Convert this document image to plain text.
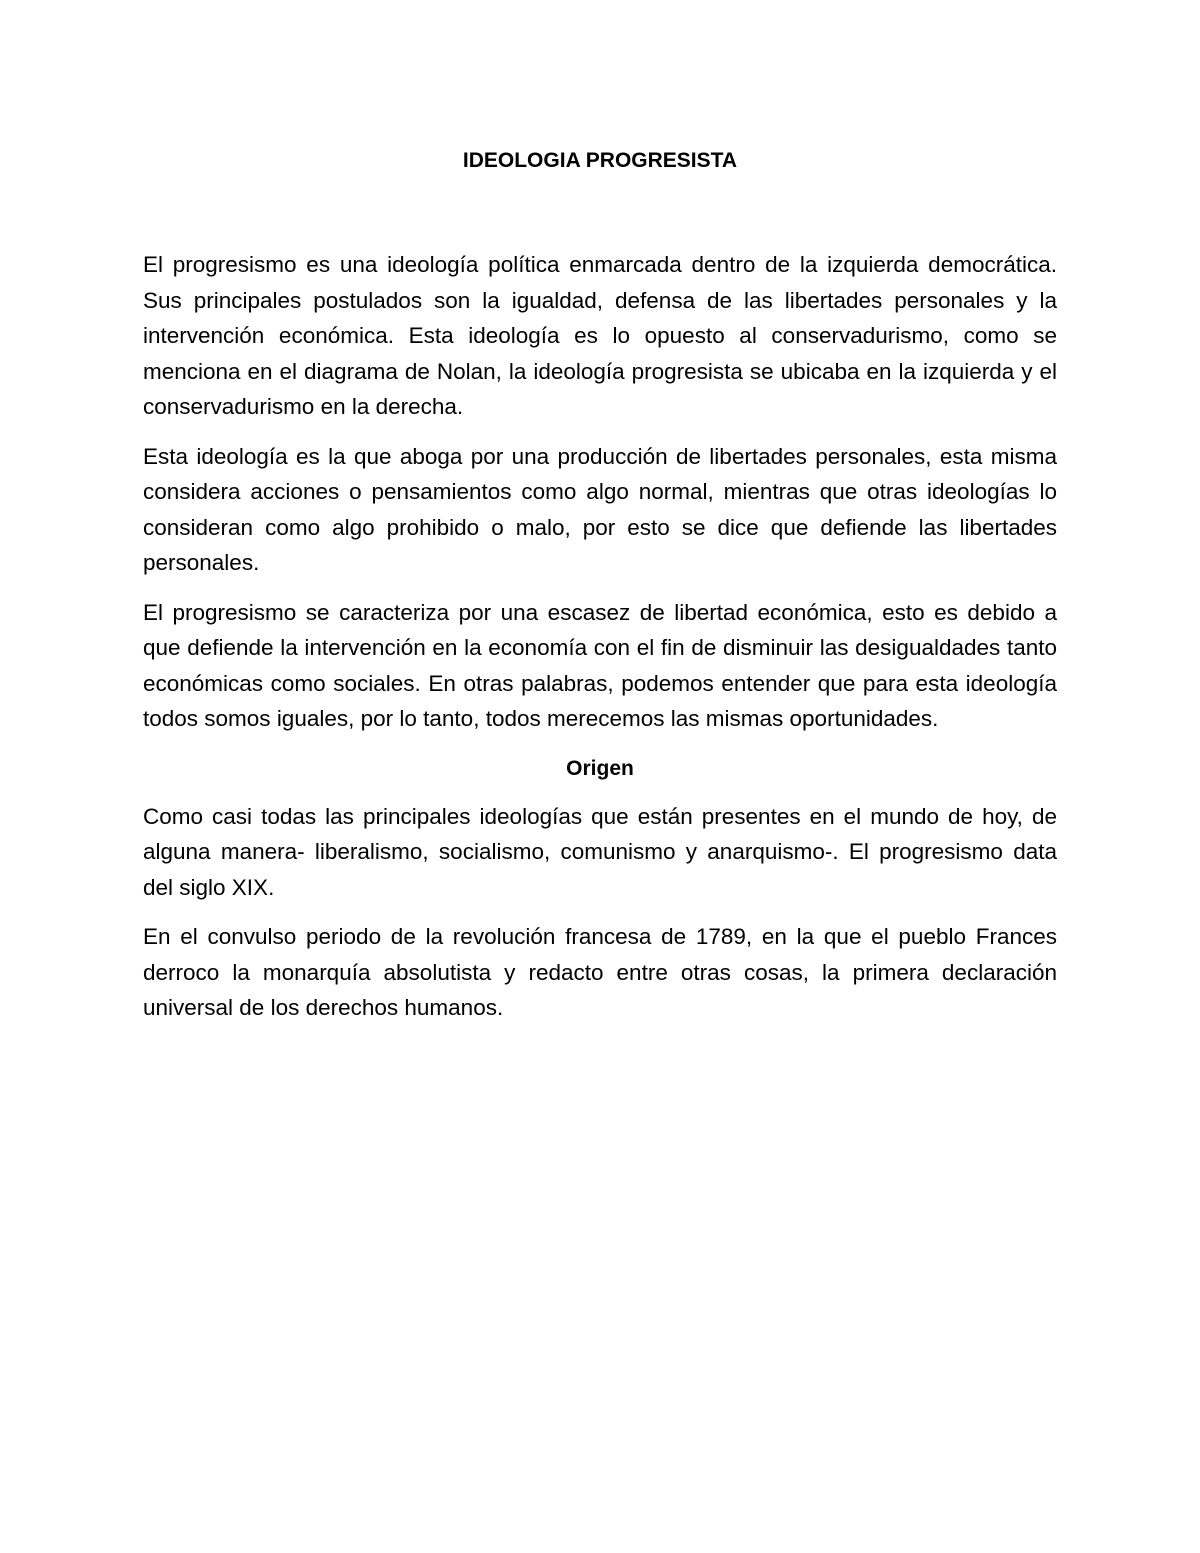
IDEOLOGIA PROGRESISTA

El progresismo es una ideología política enmarcada dentro de la izquierda democrática. Sus principales postulados son la igualdad, defensa de las libertades personales y la intervención económica. Esta ideología es lo opuesto al conservadurismo, como se menciona en el diagrama de Nolan, la ideología progresista se ubicaba en la izquierda y el conservadurismo en la derecha.

Esta ideología es la que aboga por una producción de libertades personales, esta misma considera acciones o pensamientos como algo normal, mientras que otras ideologías lo consideran como algo prohibido o malo, por esto se dice que defiende las libertades personales.

El progresismo se caracteriza por una escasez de libertad económica, esto es debido a que defiende la intervención en la economía con el fin de disminuir las desigualdades tanto económicas como sociales. En otras palabras, podemos entender que para esta ideología todos somos iguales, por lo tanto, todos merecemos las mismas oportunidades.

Origen

Como casi todas las principales ideologías que están presentes en el mundo de hoy, de alguna manera- liberalismo, socialismo, comunismo y anarquismo-. El progresismo data del siglo XIX.

En el convulso periodo de la revolución francesa de 1789, en la que el pueblo Frances derroco la monarquía absolutista y redacto entre otras cosas, la primera declaración universal de los derechos humanos.
